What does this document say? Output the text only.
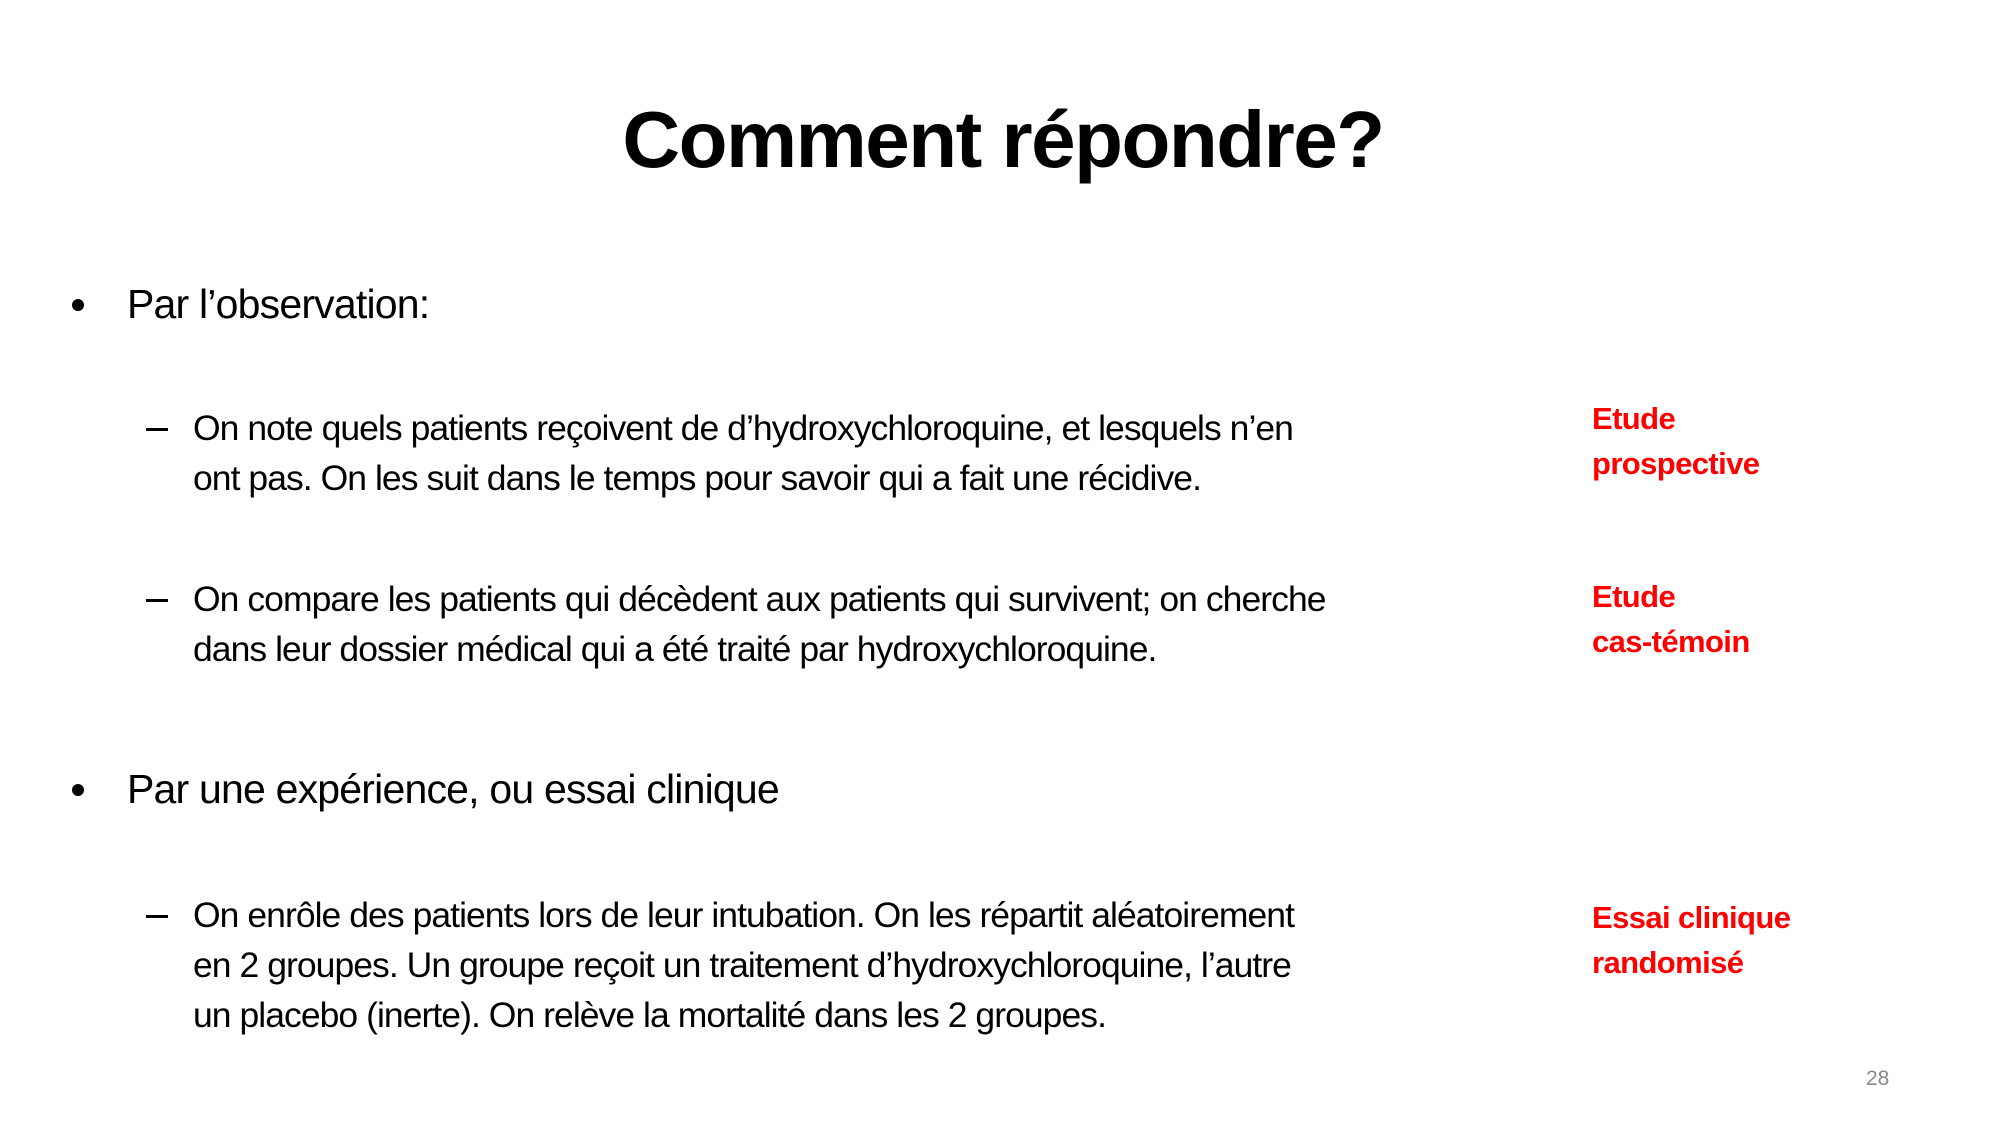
Comment répondre?
Par l’observation:
On note quels patients reçoivent de d’hydroxychloroquine, et lesquels n’en
ont pas. On les suit dans le temps pour savoir qui a fait une récidive.
Etude
prospective
On compare les patients qui décèdent aux patients qui survivent; on cherche
dans leur dossier médical qui a été traité par hydroxychloroquine.
Etude
cas-témoin
Par une expérience, ou essai clinique
On enrôle des patients lors de leur intubation. On les répartit aléatoirement
en 2 groupes. Un groupe reçoit un traitement d’hydroxychloroquine, l’autre
un placebo (inerte). On relève la mortalité dans les 2 groupes.
Essai clinique
randomisé
28
